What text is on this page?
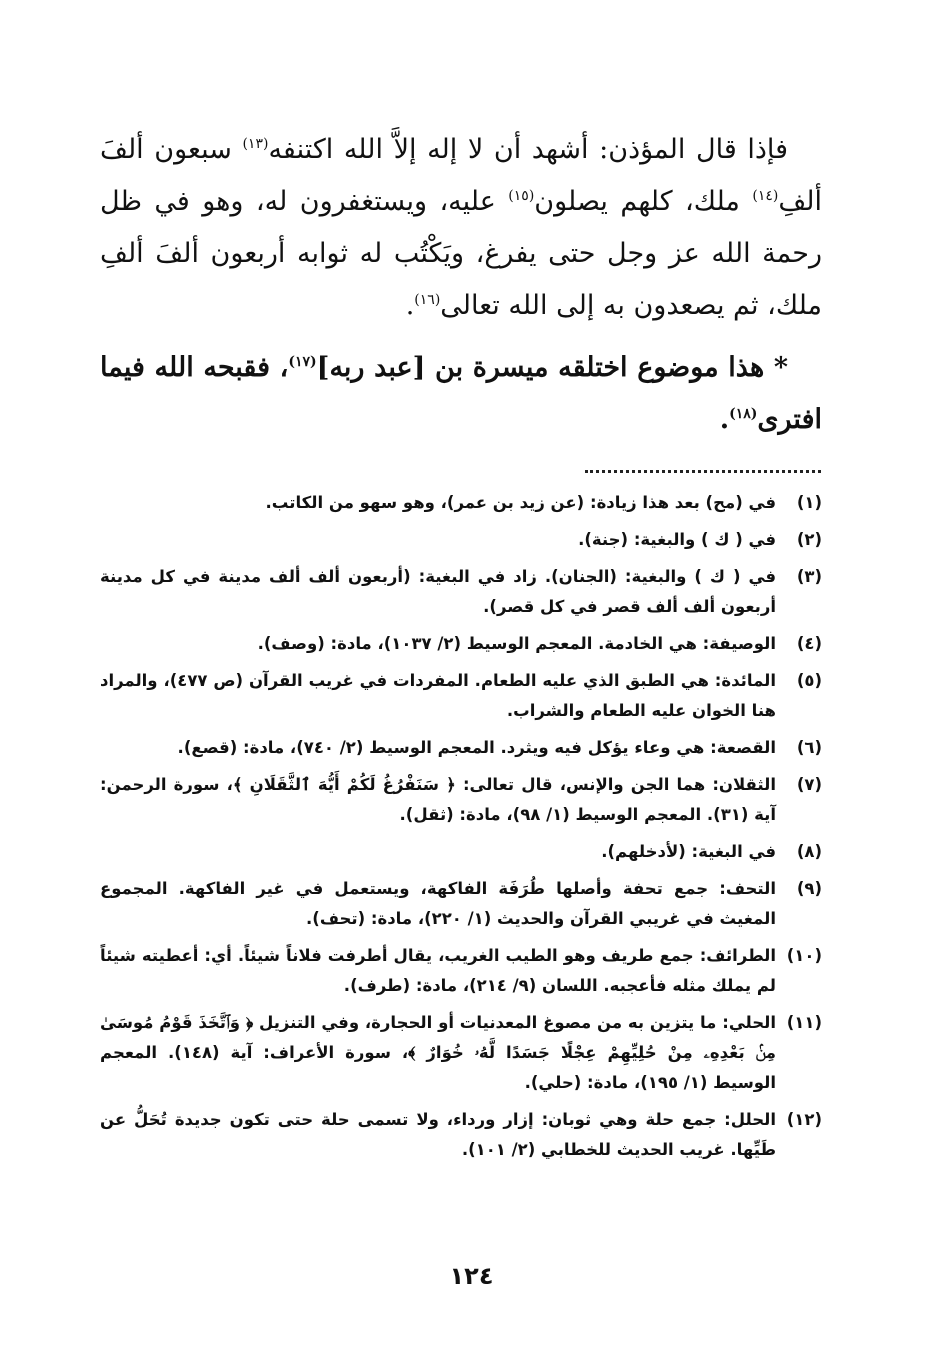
فإذا قال المؤذن: أشهد أن لا إله إلاَّ الله اكتنفه$^{(١٣)}$ سبعون ألفَ ألفِ$^{(١٤)}$ ملك، كلهم يصلون$^{(١٥)}$ عليه، ويستغفرون له، وهو في ظل رحمة الله عز وجل حتى يفرغ، ويَكْتُب له ثوابه أربعون ألفَ ألفِ ملك، ثم يصعدون به إلى الله تعالى$^{(١٦)}$.

* هذا موضوع اختلقه ميسرة بن [عبد ربه]$^{(١٧)}$، فقبحه الله فيما افترى$^{(١٨)}$.

(١)
في (مح) بعد هذا زيادة: (عن زيد بن عمر)، وهو سهو من الكاتب.
(٢)
في ( ك ) والبغية: (جنة).
(٣)
في ( ك ) والبغية: (الجنان). زاد في البغية: (أربعون ألف ألف مدينة في كل مدينة أربعون ألف ألف قصر في كل قصر).
(٤)
الوصيفة: هي الخادمة. المعجم الوسيط (٢/ ١٠٣٧)، مادة: (وصف).
(٥)
المائدة: هي الطبق الذي عليه الطعام. المفردات في غريب القرآن (ص ٤٧٧)، والمراد هنا الخوان عليه الطعام والشراب.
(٦)
القصعة: هي وعاء يؤكل فيه ويثرد. المعجم الوسيط (٢/ ٧٤٠)، مادة: (قصع).
(٧)
الثقلان: هما الجن والإنس، قال تعالى: ﴿ سَنَفْرُغُ لَكُمْ أَيُّهَ ٱلثَّقَلَانِ ﴾، سورة الرحمن: آية (٣١). المعجم الوسيط (١/ ٩٨)، مادة: (ثقل).
(٨)
في البغية: (لأدخلهم).
(٩)
التحف: جمع تحفة وأصلها طُرَفَة الفاكهة، ويستعمل في غير الفاكهة. المجموع المغيث في غريبي القرآن والحديث (١/ ٢٢٠)، مادة: (تحف).
(١٠)
الطرائف: جمع طريف وهو الطيب الغريب، يقال أطرفت فلاناً شيئاً. أي: أعطيته شيئاً لم يملك مثله فأعجبه. اللسان (٩/ ٢١٤)، مادة: (طرف).
(١١)
الحلي: ما يتزين به من مصوغ المعدنيات أو الحجارة، وفي التنزيل ﴿ وَٱتَّخَذَ قَوْمُ مُوسَىٰ مِنۢ بَعْدِهِۦ مِنْ حُلِيِّهِمْ عِجْلًا جَسَدًا لَّهُۥ خُوَارٌ ﴾، سورة الأعراف: آية (١٤٨). المعجم الوسيط (١/ ١٩٥)، مادة: (حلي).
(١٢)
الحلل: جمع حلة وهي ثوبان: إزار ورداء، ولا تسمى حلة حتى تكون جديدة تُحَلُّ عن طَيِّها. غريب الحديث للخطابي (٢/ ١٠١).
١٢٤
